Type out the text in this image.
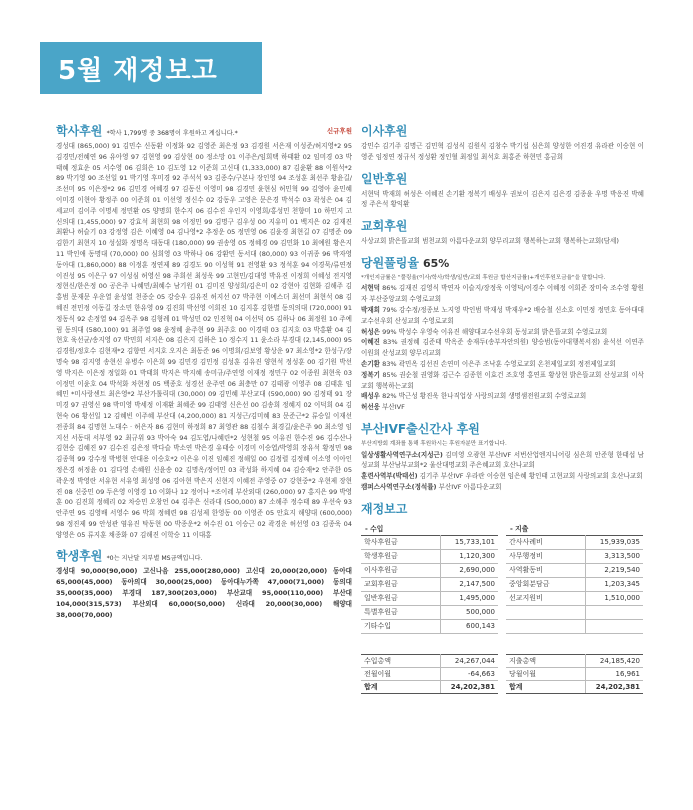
5월 재정보고
학사후원 *학사 1,799명 중 368명이 후원하고 계십니다.*	신규후원
경성대 (865,000) 91 김민수 신동환 이정화 92 김영준 최은정 93 김경원 서은재 이성준/허지영*2 95 김경민/전혜연 96 유아영 97 김현영 99 김상현 00 정소망 01 이주은/임희택 하태환 02 임미경 03 박태혜 정효운 05 서수영 06 김희은 10 김도영 12 이준희 고신대 (1,333,000) 87 김윤환 88 이원석*2 89 박기영 90 조선일 91 박기영 후미경 92 주석석 93 김종수/구본나 장인영 94 조성훈 최선주 황윤길/조선미 95 이은정*2 96 김민경 여혜경 97 김동신 이영미 98 김경민 윤현심 허민혁 99 김영아 윤민혜 이미경 이현아 황정주 00 이준희 01 이선영 정신수 02 강동우 고영은 문은경 박석수 03 곽성은 04 김세교미 김이주 이명세 정민환 05 양명희 한수지 06 김수진 우인지 이영희/홍성민 천향미 10 하민지 고신의대 (1,455,000) 97 강효석 최현희 98 이정민 99 김명구 김우성 00 지유미 01 백지은 02 김재진 최환나 허슬기 03 강정영 김은 이혜영 04 김나영*2 추정운 05 정민영 06 김윤경 최현길 07 김명준 09 김한기 최현지 10 성설화 정명옥 대동대 (180,000) 99 권송영 05 정혜경 09 김민화 10 최예원 황은지 11 박인애 동명대 (70,000) 00 심희영 03 박하나 06 강환민 동서대 (80,000) 93 이귀종 96 박자영 동아대 (1,860,000) 88 이정훈 정연제 89 김경도 90 이성혁 91 전영환 93 정석훈 94 이경묵/류연정 이진성 95 이은구 97 이성심 허영신 98 주희선 최성욱 99 고현민/김대영 박유진 이정희 이혜성 전지영 정현신/한은정 00 공은주 나혜민/최혜수 남기원 01 김미진 양성희/김은미 02 강현아 김현화 김해주 김홍범 문재문 우운열 윤성열 천종순 05 강승우 김유진 허지선 07 박주현 이예스더 최선미 최현석 08 김혜진 전민정 이동길 장소민 한유영 09 김진희 박선영 이희진 10 김지홍 김한별 동의의대 (720,000) 91 정동식 92 손정열 94 김옥주 98 김형례 01 박성민 02 인진혁 04 이선덕 05 김하나 06 최정원 10 주예림 동의대 (580,100) 91 최주열 98 윤정혜 윤주현 99 최주호 00 이경태 03 김지호 03 박홍환 04 김현호 육선균/송지영 07 박민희 서지은 08 김은지 김하은 10 정수지 11 윤소라 부경대 (2,145,000) 95 김경원/정호수 김현재*2 김향연 서지호 오지은 최동준 96 이명희/김보영 황상운 97 최소영*2 한성구/장명숙 98 김지영 송현신 유병수 이은희 99 김민경 김민정 김성훈 김유진 양현석 정성훈 00 김기원 박선영 박지은 이은정 정일화 01 박태희 박지은 박지혜 송미규/주연영 이재정 정민구 02 이종원 최현욱 03 이정민 이윤호 04 박석화 차현정 05 백종호 성경선 운주연 06 최충만 07 김태광 이영주 08 김태훈 임혜민 *미사랑센트 최은영*2 부산가톨릭대 (30,000) 09 김민혜 부산교대 (590,000) 90 김정태 91 장미경 97 권영신 98 박미영 박세정 이재환 최혜준 99 김태영 신은선 00 김송희 정혜지 02 이덕희 04 김현숙 06 황선일 12 김혜빈 이주혜 부산대 (4,200,000) 81 지성근/김미혜 83 문준근*2 류승일 이재선 전종희 84 김명현 노대수 · 허은자 86 김현미 하정희 87 최영관 88 김철수 최경길/윤은주 90 최소영 임지선 서동대 서부영 92 최규위 93 박아숙 94 김도엽/나혜린*2 성현철 95 이유진 한수진 96 김수산나 김현승 김혜진 97 김수진 김은정 박다슬 박소연 박은경 유태승 이경미 이승엽/박영희 장유석 황정민 98 김종혁 99 강수정 박병현 안대용 이승호*2 이은유 이진 임혜진 정해일 00 김정렬 김정혜 이소영 이아인 정은경 허정윤 01 김다영 손혜원 신윤송 02 김명옥/정어민 03 곽성화 하지혜 04 김승재*2 안주한 05 곽운정 박영란 서유현 서유영 최성영 06 김아현 박은지 신현지 이혜전 주영중 07 강현중*2 우현제 장현진 08 신중민 09 두은영 이영경 10 이화나 12 정어나 *조이레 부산외대 (260,000) 97 홍지은 99 박영훈 00 김진희 정혜리 02 차승민 오창언 04 김주은 신라대 (500,000) 87 소해주 정수태 89 우선숙 93 안주연 95 김영배 서영수 96 박희 정혜련 98 김성제 한영동 00 이영준 05 안효지 해양대 (600,000) 98 정진제 99 안성관 염유진 탁동현 00 박종운*2 허수진 01 이승근 02 곽경운 허선영 03 김종욱 04 양영은 05 류지훈 채종화 07 김해진 이학승 11 이대홍
학생후원 *0는 지난달 지부별 MS금액입니다.
경성대 90,000(90,000) 고신나음 255,000(280,000) 고신대 20,000(20,000) 동아대 65,000(45,000) 동아의대 30,000(25,000) 동아대누가쪽 47,000(71,000) 동의대 35,000(35,000) 부경대 187,300(203,000) 부산교대 95,000(110,000) 부산대 104,000(315,573) 부산외대 60,000(50,000) 신라대 20,000(30,000) 해양대 38,000(70,000)
이사후원
강민수 김기주 김명근 김민혁 김성식 김원식 김창수 박기섭 심은희 양성한 어진경 유라관 이승현 이영준 임정연 정규석 정성환 정인혈 최정일 최석호 최홍준 하현민 홍금희
일반후원
서현덕 박재희 허성은 이혜진 손기환 정복기 배성우 권보이 김은지 김은경 김종윤 우명 박응진 박혜정 주은석 황익환
교회후원
사상교회 밝은뜰교회 범천교회 아름다운교회 양무리교회 행복하는교회 행복하는교회(담세)
당원풀링율 65%
*개인지금률은 "풀링율(이사/학사/학생/일반/교회 후원금 합산지금률)+개인후원모금율"을 말합니다.
서현덕 86% 김재진 김영식 박연자 이슬지/장정욱 이영덕/이경수 이혜정 이희준 장미숙 조수영 황원자 부산중앙교회 수영로교회
박재희 79% 강수정/정종보 노지영 박인범 박재성 박재우*2 배승철 신소호 이민정 정민호 동아대대교수선우회 산성교회 수영로교회
허성은 99% 박성수 우영숙 이유진 해양대교수선우회 동성교회 밝은뜰교회 수영로교회
이혜진 83% 권정혜 김준태 박옥준 송재두(송부자안의원) 양승범(동아대행복서점) 윤석선 이연주 이원희 산성교회 양무리교회
손기환 83% 곽민옥 김선진 손연미 이은주 조낙훈 수영로교회 온천제일교회 정전제일교회
정복기 85% 권순철 권영화 김근수 김종헌 이효건 조호영 홍연표 황상현 밝은뜰교회 산성교회 이삭교회 행복하는교회
배성우 82% 박근성 황진욱 한나직업상 사랑의교회 생명샘전원교회 수영로교회
허선웅 부산IVF
부산IVF출신간사 후원
부산지방회 계좌를 통해 후원하시는 후원자분만 표기합니다.
일상생활사역연구소(지성근) 김미영 오광현 부산IVF 서번산업엔지니어링 심은희 안준형 한태섭 남성교회 부산남부교회*2 울산대명교회 주은혜교회 호산나교회
훈련사역부(박태선) 김기주 부산IVF 우라란 이승현 임은혜 황인태 고현교회 사랑의교회 호산나교회
캠퍼스사역연구소(정석률) 부산IVF 아름다운교회
재정보고
- 수입
학사후원금	15,733,101
학생후원금	1,120,300
이사후원금	2,690,000
교회후원금	2,147,500
일반후원금	1,495,000
특별후원금	500,000
기타수입	600,143
- 지출
간사사례비	15,939,035
사무행정비	3,313,500
사역활동비	2,219,540
중앙회분담금	1,203,345
선교지원비	1,510,000

수입총액	24,267,044
전월이월	-64,663
합계	24,202,381
지출총액	24,185,420
당월이월	16,961
합계	24,202,381
